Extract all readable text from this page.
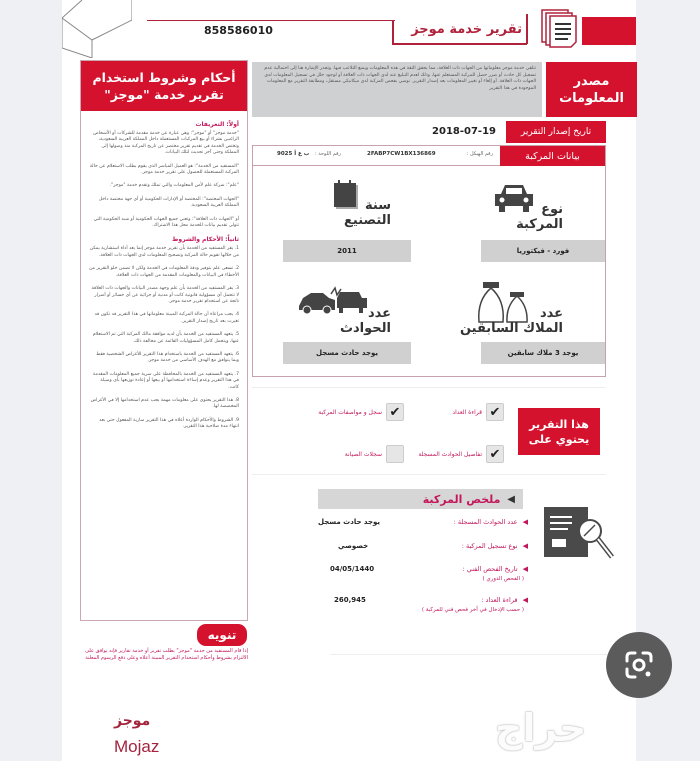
858586010	تقرير خدمة موجز
أحكام وشروط استخدام تقرير خدمة "موجز"
أولاً: التعريفات
"خدمة موجز" أو "موجز": وهي عبارة عن خدمة مقدمة للشركات أو الأشخاص الراغبين بشراء أو بيع المركبات المستعملة داخل المملكة العربية السعودية، وتختص الخدمة في تقديم تقرير مختصر عن تاريخ المركبة منذ وصولها إلى المملكة وحتى آخر تحديث لتلك البيانات.
"المستفيد من الخدمة": هو العميل المباشر الذي يقوم بطلب الاستعلام عن حالة المركبة المستعملة للحصول على تقرير خدمة موجز.
"علم": شركة علم لأمن المعلومات والتي تملك وتقدم خدمة "موجز".
"الجهات المختصة": المختصة أو الإدارات الحكومية أو أي جهة مختصة داخل المملكة العربية السعودية.
أو "الجهات ذات العلاقة": وتعني جميع الجهات الحكومية أو شبه الحكومية التي تتولى تقديم بيانات للخدمة محل هذا الاشتراك.
ثانياً: الأحكام والشروط
1. يقر المستفيد من الخدمة بأن تقرير خدمة موجز إنما يعد أداة استشارية يمكن من خلالها تقويم حالة المركبة وتصحيح المعلومات لدى الجهات ذات العلاقة.
2. تسعى علم بتوفير ودقة المعلومات في الخدمة ولكن لا تضمن خلو التقرير من الأخطاء في البيانات والمعلومات المقدمة من الجهات ذات العلاقة.
3. يقر المستفيد من الخدمة بأن علم وجهة مصدر البيانات والجهات ذات العلاقة لا تتحمل أي مسؤولية قانونية كانت أو مدنية أو جزائية عن أي خسائر أو أضرار ناتجة عن استخدام تقرير خدمة موجز.
4. يجب مراعاة أن حالة المركبة المبينة معلوماتها في هذا التقرير قد تكون قد تغيرت بعد تاريخ إصدار التقرير.
5. يتعهد المستفيد من الخدمة بأن لديه موافقة مالك المركبة التي تم الاستعلام عنها، ويتحمل كامل المسؤوليات القائمة عن مخالفة ذلك.
6. يتعهد المستفيد من الخدمة باستخدام هذا التقرير للأغراض الشخصية فقط وبما يتوافق مع الهدف الأساسي من خدمة موجز.
7. يتعهد المستفيد من الخدمة بالمحافظة على سرية جميع المعلومات المقدمة في هذا التقرير وعدم إساءة استخدامها أو بيعها أو إعادة توزيعها بأي وسيلة كانت.
8. هذا التقرير يحتوي على معلومات مهمة يجب عدم استخدامها إلا في الأغراض المخصصة لها.
9. الشروط والأحكام الواردة أعلاه في هذا التقرير سارية المفعول حتى بعد انتهاء مدة صلاحية هذا التقرير.
تنويه
إذا قام المستفيد من خدمة "موجز" بطلب تقرير أو خدمة تقارير فإنه يوافق على الالتزام بشروط وأحكام استخدام التقرير المبينة أعلاه وعلى دفع الرسوم المعلنة
موجز
Mojaz
تتلقى خدمة موجز معلوماتها من الجهات ذات العلاقة، مما يحقق الثقة في هذه المعلومات ويمنع التلاعب فيها. وتجدر الإشارة هنا إلى احتمالية عدم تسجيل كل حادث أو ضرر حصل للمركبة المستعلم عنها، وذلك لعدم التبليغ عنه لدى الجهات ذات العلاقة أو لوجود خلل في تسجيل المعلومات لدى الجهات ذات العلاقة. أو إلغاء أو تغيير المعلومات بعد إصدار التقرير. نوصي بفحص المركبة لدى ميكانيكي مستقل، ومطابقة التقرير مع المعلومات الموجودة في هذا التقرير	مصدر المعلومات
تاريخ إصدار التقرير
2018-07-19
بيانات المركبة
رقم الهيكل :
2FABP7CW1BX136869
رقم اللوحة :
ب ع أ 9025
نوع
المركبة
فورد - فيكتوريا
سنة
التصنيع
2011
عدد
الملاك السابقين
يوجد 3 ملاك سابقين
عدد
الحوادث
يوجد حادث مسجل
هذا التقرير يحتوي على
✔
قراءة العداد
✔
سجل و مواصفات المركبة
✔
تفاصيل الحوادث المسجلة
سجلات الصيانة
◀

ملخص المركبة
◀ عدد الحوادث المسجلة :
يوجد حادث مسجل
◀ نوع تسجيل المركبة :
خصوصي
◀ تاريخ الفحص الفني :
04/05/1440
( الفحص الدوري )
◀ قراءة العداد :
260,945
( حسب الإدخال في آخر فحص فني للمركبة )
حراج
